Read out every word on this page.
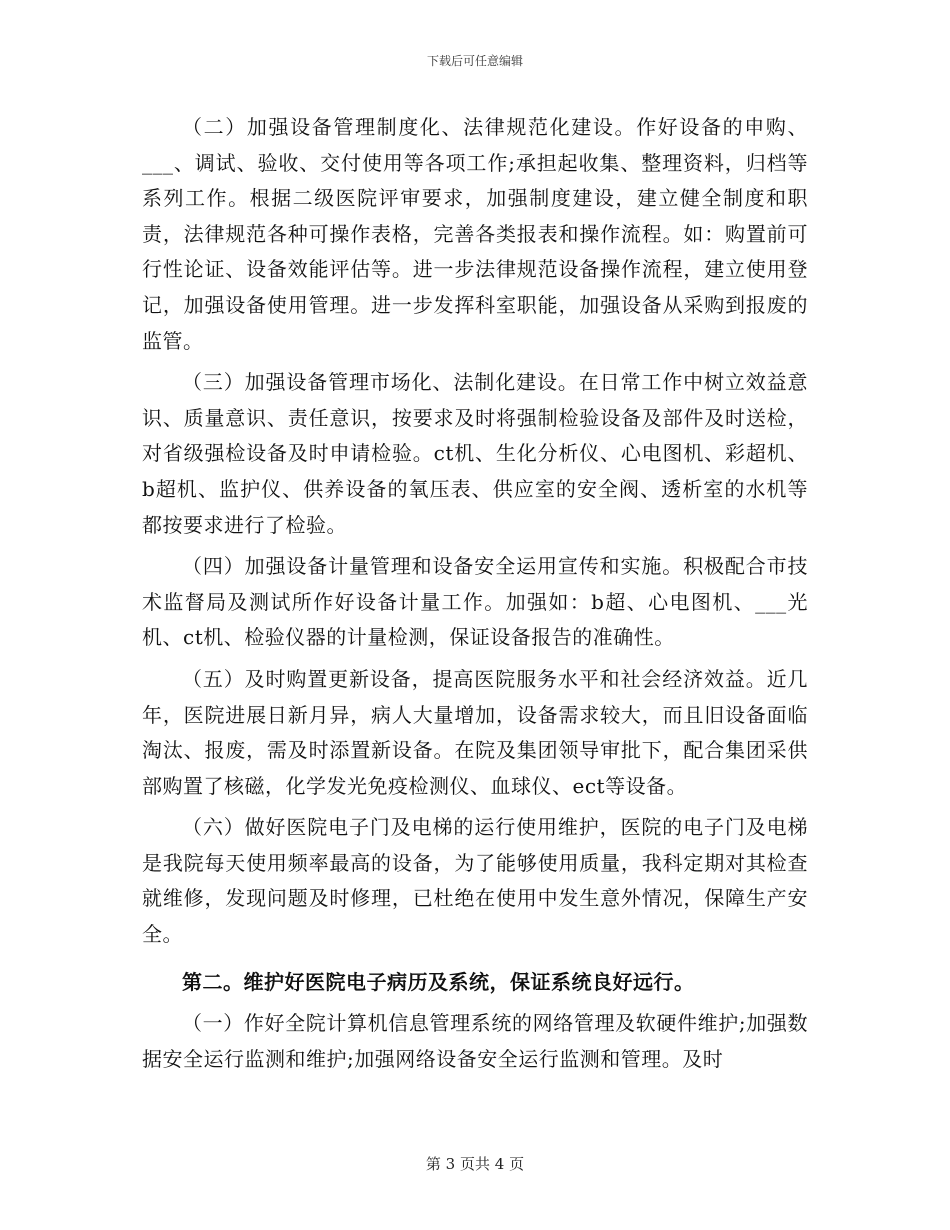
下载后可任意编辑

（二）加强设备管理制度化、法律规范化建设。作好设备的申购、___、调试、验收、交付使用等各项工作;承担起收集、整理资料，归档等系列工作。根据二级医院评审要求，加强制度建设，建立健全制度和职责，法律规范各种可操作表格，完善各类报表和操作流程。如：购置前可行性论证、设备效能评估等。进一步法律规范设备操作流程，建立使用登记，加强设备使用管理。进一步发挥科室职能，加强设备从采购到报废的监管。

（三）加强设备管理市场化、法制化建设。在日常工作中树立效益意识、质量意识、责任意识，按要求及时将强制检验设备及部件及时送检，对省级强检设备及时申请检验。ct机、生化分析仪、心电图机、彩超机、b超机、监护仪、供养设备的氧压表、供应室的安全阀、透析室的水机等都按要求进行了检验。

（四）加强设备计量管理和设备安全运用宣传和实施。积极配合市技术监督局及测试所作好设备计量工作。加强如：b超、心电图机、___光机、ct机、检验仪器的计量检测，保证设备报告的准确性。

（五）及时购置更新设备，提高医院服务水平和社会经济效益。近几年，医院进展日新月异，病人大量增加，设备需求较大，而且旧设备面临淘汰、报废，需及时添置新设备。在院及集团领导审批下，配合集团采供部购置了核磁，化学发光免疫检测仪、血球仪、ect等设备。

（六）做好医院电子门及电梯的运行使用维护，医院的电子门及电梯是我院每天使用频率最高的设备，为了能够使用质量，我科定期对其检查就维修，发现问题及时修理，已杜绝在使用中发生意外情况，保障生产安全。

第二。维护好医院电子病历及系统，保证系统良好远行。

（一）作好全院计算机信息管理系统的网络管理及软硬件维护;加强数据安全运行监测和维护;加强网络设备安全运行监测和管理。及时

第 3 页共 4 页
